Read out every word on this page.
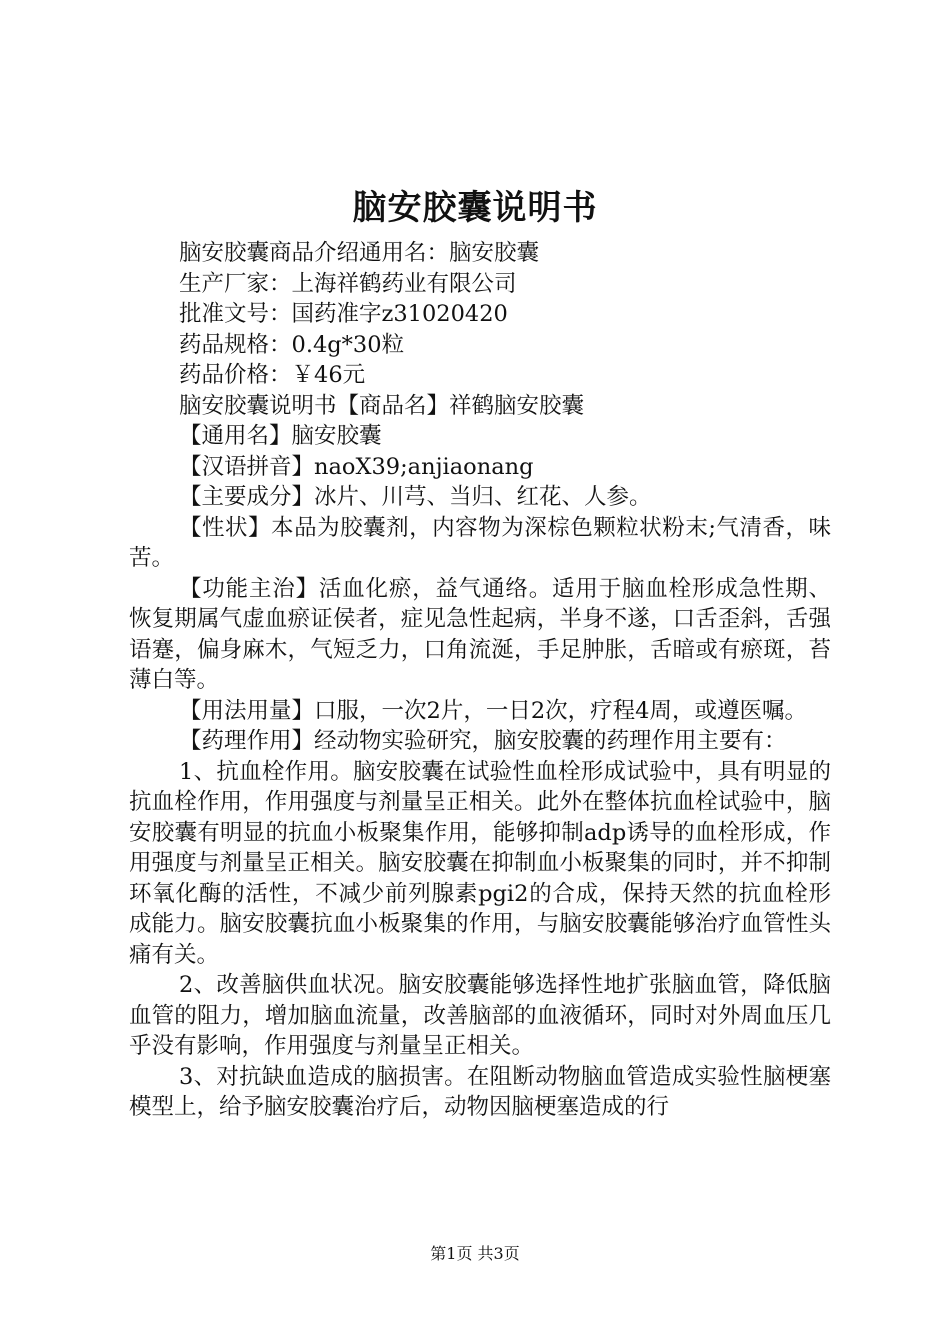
脑安胶囊说明书

脑安胶囊商品介绍通用名：脑安胶囊

生产厂家：上海祥鹤药业有限公司

批准文号：国药准字z31020420

药品规格：0.4g*30粒

药品价格：￥46元

脑安胶囊说明书【商品名】祥鹤脑安胶囊

【通用名】脑安胶囊

【汉语拼音】naoX39;anjiaonang

【主要成分】冰片、川芎、当归、红花、人参。

【性状】本品为胶囊剂，内容物为深棕色颗粒状粉末;气清香，味苦。

【功能主治】活血化瘀，益气通络。适用于脑血栓形成急性期、恢复期属气虚血瘀证侯者，症见急性起病，半身不遂，口舌歪斜，舌强语蹇，偏身麻木，气短乏力，口角流涎，手足肿胀，舌暗或有瘀斑，苔薄白等。

【用法用量】口服，一次2片，一日2次，疗程4周，或遵医嘱。

【药理作用】经动物实验研究，脑安胶囊的药理作用主要有：

1、抗血栓作用。脑安胶囊在试验性血栓形成试验中，具有明显的抗血栓作用，作用强度与剂量呈正相关。此外在整体抗血栓试验中，脑安胶囊有明显的抗血小板聚集作用，能够抑制adp诱导的血栓形成，作用强度与剂量呈正相关。脑安胶囊在抑制血小板聚集的同时，并不抑制环氧化酶的活性，不减少前列腺素pgi2的合成，保持天然的抗血栓形成能力。脑安胶囊抗血小板聚集的作用，与脑安胶囊能够治疗血管性头痛有关。

2、改善脑供血状况。脑安胶囊能够选择性地扩张脑血管，降低脑血管的阻力，增加脑血流量，改善脑部的血液循环，同时对外周血压几乎没有影响，作用强度与剂量呈正相关。

3、对抗缺血造成的脑损害。在阻断动物脑血管造成实验性脑梗塞模型上，给予脑安胶囊治疗后，动物因脑梗塞造成的行

第1页 共3页
